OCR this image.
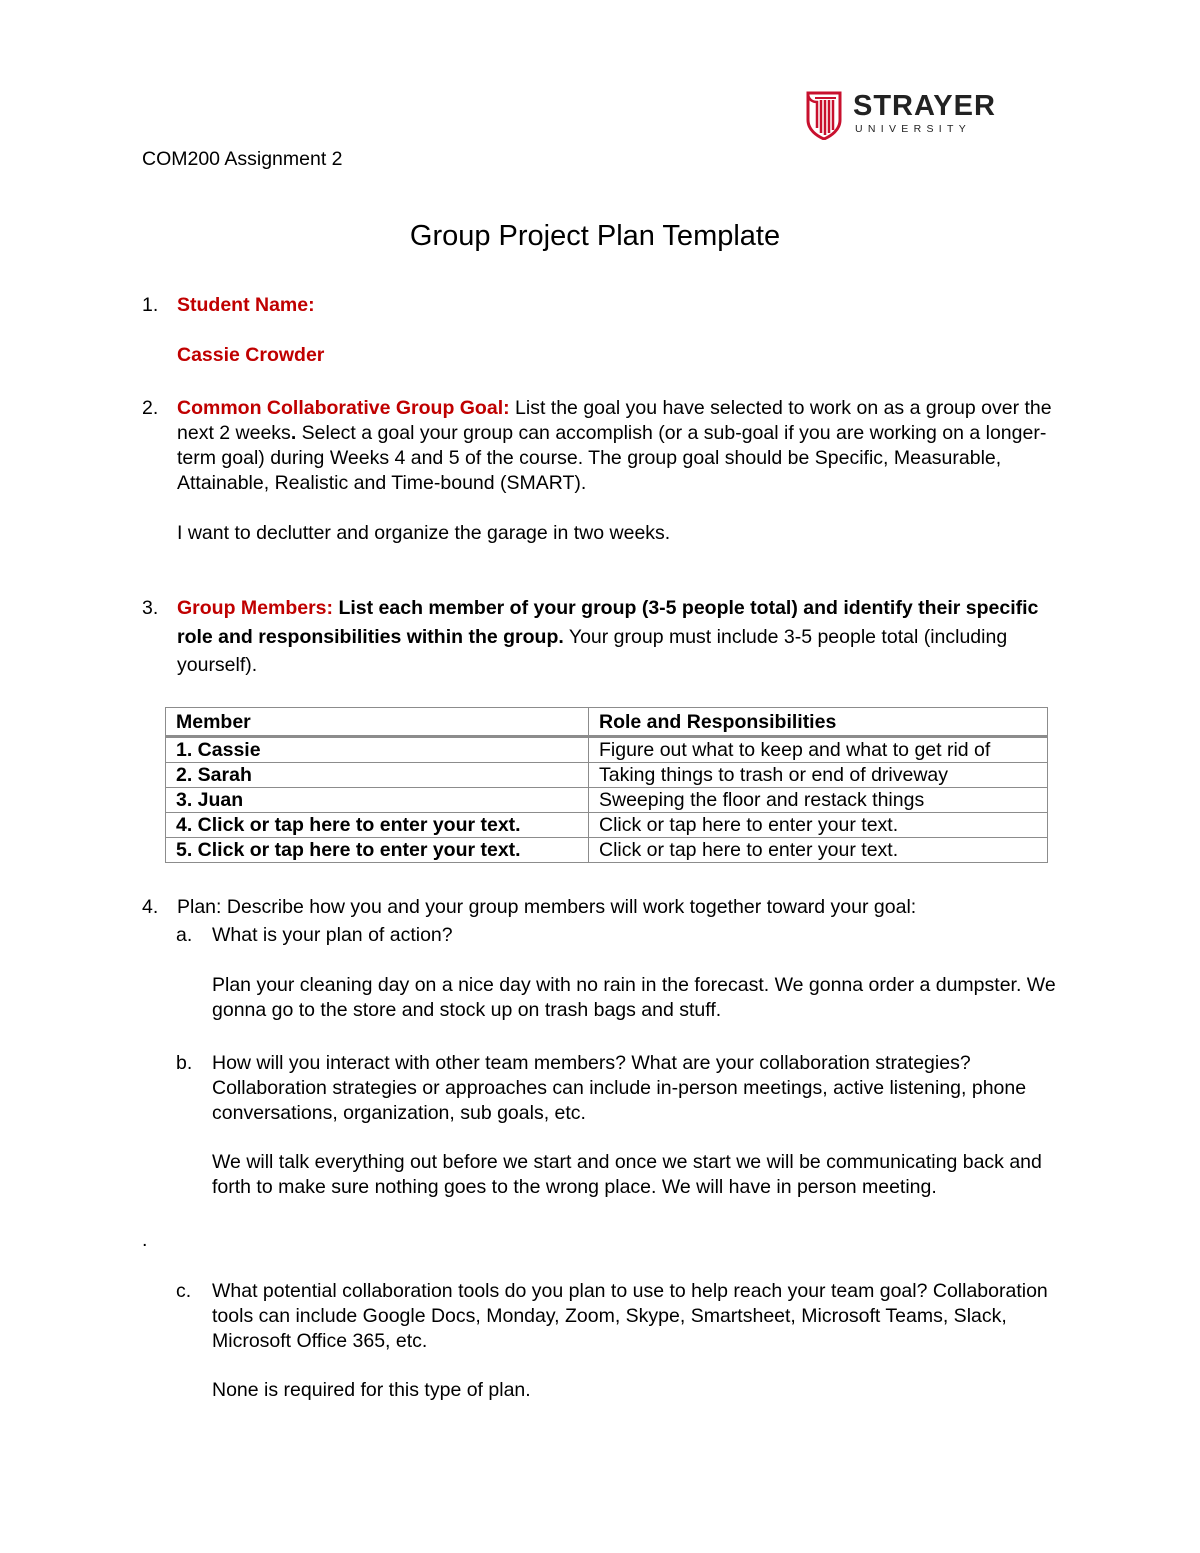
STRAYER
UNIVERSITY
COM200 Assignment 2
Group Project Plan Template
1. Student Name:
Cassie Crowder
2. Common Collaborative Group Goal: List the goal you have selected to work on as a group over the next 2 weeks. Select a goal your group can accomplish (or a sub-goal if you are working on a longer-term goal) during Weeks 4 and 5 of the course. The group goal should be Specific, Measurable, Attainable, Realistic and Time-bound (SMART).

I want to declutter and organize the garage in two weeks.
3. Group Members: List each member of your group (3-5 people total) and identify their specific role and responsibilities within the group. Your group must include 3-5 people total (including yourself).

Member	Role and Responsibilities
1. Cassie	Figure out what to keep and what to get rid of
2. Sarah	Taking things to trash or end of driveway
3. Juan	Sweeping the floor and restack things
4. Click or tap here to enter your text.	Click or tap here to enter your text.
5. Click or tap here to enter your text.	Click or tap here to enter your text.
4. Plan: Describe how you and your group members will work together toward your goal:
a.	What is your plan of action?
Plan your cleaning day on a nice day with no rain in the forecast. We gonna order a dumpster. We gonna go to the store and stock up on trash bags and stuff.
b.	How will you interact with other team members? What are your collaboration strategies? Collaboration strategies or approaches can include in-person meetings, active listening, phone conversations, organization, sub goals, etc.
We will talk everything out before we start and once we start we will be communicating back and forth to make sure nothing goes to the wrong place. We will have in person meeting.
.
c.	What potential collaboration tools do you plan to use to help reach your team goal? Collaboration tools can include Google Docs, Monday, Zoom, Skype, Smartsheet, Microsoft Teams, Slack, Microsoft Office 365, etc.
None is required for this type of plan.
